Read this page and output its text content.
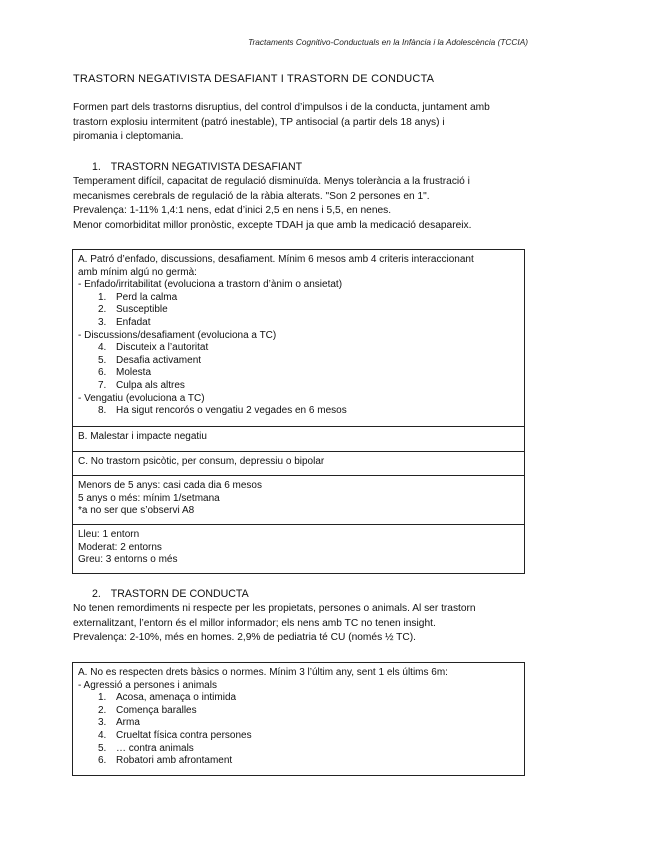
Tractaments Cognitivo-Conductuals en la Infància i la Adolescència (TCCIA)
TRASTORN NEGATIVISTA DESAFIANT I TRASTORN DE CONDUCTA
Formen part dels trastorns disruptius, del control d’impulsos i de la conducta, juntament amb
trastorn explosiu intermitent (patró inestable), TP antisocial (a partir dels 18 anys) i
piromania i cleptomania.
1. TRASTORN NEGATIVISTA DESAFIANT
Temperament difícil, capacitat de regulació disminuïda. Menys tolerància a la frustració i
mecanismes cerebrals de regulació de la ràbia alterats. "Son 2 persones en 1".
Prevalença: 1-11% 1,4:1 nens, edat d’inici 2,5 en nens i 5,5, en nenes.
Menor comorbiditat millor pronòstic, excepte TDAH ja que amb la medicació desapareix.
A. Patró d’enfado, discussions, desafiament. Mínim 6 mesos amb 4 criteris interaccionant
amb mínim algú no germà:
- Enfado/irritabilitat (evoluciona a trastorn d’ànim o ansietat)
1. Perd la calma
2. Susceptible
3. Enfadat
- Discussions/desafiament (evoluciona a TC)
4. Discuteix a l’autoritat
5. Desafia activament
6. Molesta
7. Culpa als altres
- Vengatiu (evoluciona a TC)
8. Ha sigut rencorós o vengatiu 2 vegades en 6 mesos
B. Malestar i impacte negatiu
C. No trastorn psicòtic, per consum, depressiu o bipolar
Menors de 5 anys: casi cada dia 6 mesos
5 anys o més: mínim 1/setmana
*a no ser que s’observi A8
Lleu: 1 entorn
Moderat: 2 entorns
Greu: 3 entorns o més
2. TRASTORN DE CONDUCTA
No tenen remordiments ni respecte per les propietats, persones o animals. Al ser trastorn
externalitzant, l’entorn és el millor informador; els nens amb TC no tenen insight.
Prevalença: 2-10%, més en homes. 2,9% de pediatria té CU (només ½ TC).
A. No es respecten drets bàsics o normes. Mínim 3 l’últim any, sent 1 els últims 6m:
- Agressió a persones i animals
1. Acosa, amenaça o intimida
2. Comença baralles
3. Arma
4. Crueltat física contra persones
5. … contra animals
6. Robatori amb afrontament
